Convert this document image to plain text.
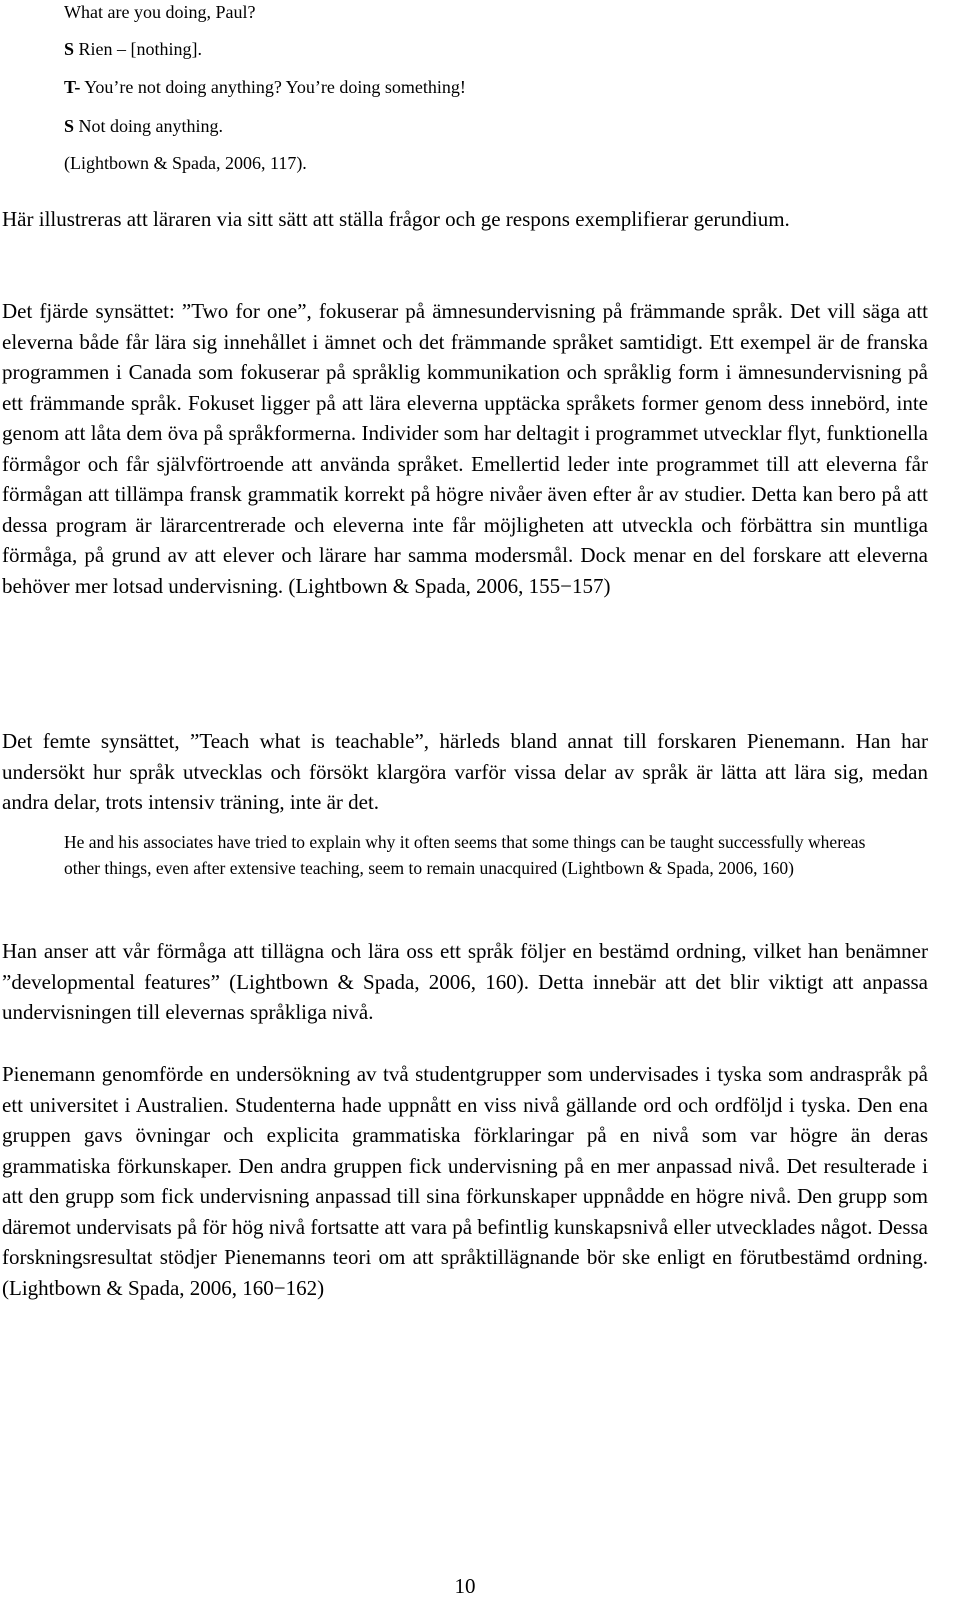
What are you doing, Paul?
S Rien – [nothing].
T- You’re not doing anything? You’re doing something!
S Not doing anything.
(Lightbown & Spada, 2006, 117).

Här illustreras att läraren via sitt sätt att ställa frågor och ge respons exemplifierar gerundium.

Det fjärde synsättet: ”Two for one”, fokuserar på ämnesundervisning på främmande språk. Det vill säga att eleverna både får lära sig innehållet i ämnet och det främmande språket samtidigt. Ett exempel är de franska programmen i Canada som fokuserar på språklig kommunikation och språklig form i ämnesundervisning på ett främmande språk. Fokuset ligger på att lära eleverna upptäcka språkets former genom dess innebörd, inte genom att låta dem öva på språkformerna. Individer som har deltagit i programmet utvecklar flyt, funktionella förmågor och får självförtroende att använda språket. Emellertid leder inte programmet till att eleverna får förmågan att tillämpa fransk grammatik korrekt på högre nivåer även efter år av studier. Detta kan bero på att dessa program är lärarcentrerade och eleverna inte får möjligheten att utveckla och förbättra sin muntliga förmåga, på grund av att elever och lärare har samma modersmål. Dock menar en del forskare att eleverna behöver mer lotsad undervisning. (Lightbown & Spada, 2006, 155−157)

Det femte synsättet, ”Teach what is teachable”, härleds bland annat till forskaren Pienemann. Han har undersökt hur språk utvecklas och försökt klargöra varför vissa delar av språk är lätta att lära sig, medan andra delar, trots intensiv träning, inte är det.

He and his associates have tried to explain why it often seems that some things can be taught successfully whereas other things, even after extensive teaching, seem to remain unacquired (Lightbown & Spada, 2006, 160)

Han anser att vår förmåga att tillägna och lära oss ett språk följer en bestämd ordning, vilket han benämner ”developmental features” (Lightbown & Spada, 2006, 160). Detta innebär att det blir viktigt att anpassa undervisningen till elevernas språkliga nivå.

Pienemann genomförde en undersökning av två studentgrupper som undervisades i tyska som andraspråk på ett universitet i Australien. Studenterna hade uppnått en viss nivå gällande ord och ordföljd i tyska. Den ena gruppen gavs övningar och explicita grammatiska förklaringar på en nivå som var högre än deras grammatiska förkunskaper. Den andra gruppen fick undervisning på en mer anpassad nivå. Det resulterade i att den grupp som fick undervisning anpassad till sina förkunskaper uppnådde en högre nivå. Den grupp som däremot undervisats på för hög nivå fortsatte att vara på befintlig kunskapsnivå eller utvecklades något. Dessa forskningsresultat stödjer Pienemanns teori om att språktillägnande bör ske enligt en förutbestämd ordning. (Lightbown & Spada, 2006, 160−162)

10
